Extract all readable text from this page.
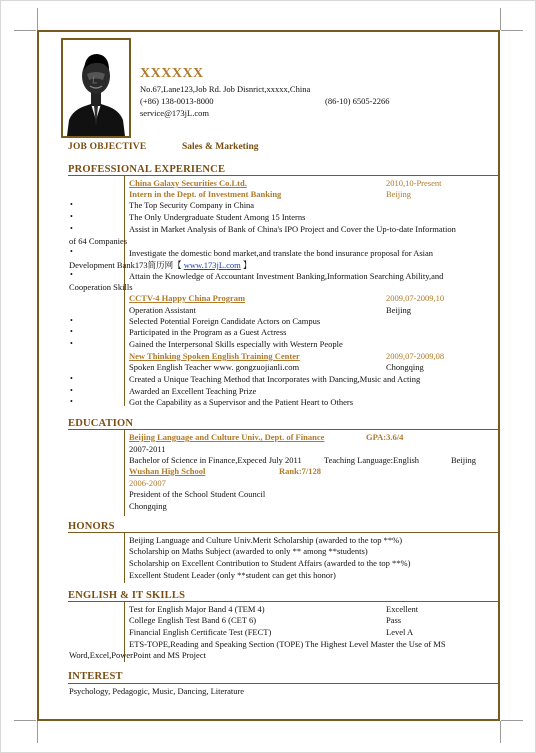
XXXXXX
No.67,Lane123,Job Rd. Job Disnrict,xxxxx,China
(+86) 138-0013-8000	(86-10) 6505-2266
service@173jL.com
JOB OBJECTIVE	Sales & Marketing
PROFESSIONAL EXPERIENCE
China Galaxy Securities Co.Ltd.	2010,10-Present
Intern in the Dept. of Investment Banking	Beijing
•	The Top Security Company in China
•	The Only Undergraduate Student Among 15 Interns
•	Assist in Market Analysis of Bank of China's IPO Project and Cover the Up-to-date Information
of 64 Companies
•	Investigate the domestic bond market,and translate the bond insurance proposal for Asian
Development Bank173简历网【 www.173jL.com 】
•	Attain the Knowledge of Accountant Investment Banking,Information Searching Ability,and
Cooperation Skills
CCTV-4 Happy China Program	2009,07-2009,10
Operation Assistant	Beijing
•	Selected Potential Foreign Candidate Actors on Campus
•	Participated in the Program as a Guest Actress
•	Gained the Interpersonal Skills especially with Western People
New Thinking Spoken English Training Center	2009,07-2009,08
Spoken English Teacher www. gongzuojianli.com	Chongqing
•	Created a Unique Teaching Method that Incorporates with Dancing,Music and Acting
•	Awarded an Excellent Teaching Prize
•	Got the Capability as a Supervisor and the Patient Heart to Others
EDUCATION
Beijing Language and Culture Univ., Dept. of Finance	GPA:3.6/4
2007-2011
Bachelor of Science in Finance,Expeced July 2011	Teaching Language:English	Beijing
Wushan High School	Rank:7/128
2006-2007
President of the School Student Council
Chongqing
HONORS
Beijing Language and Culture Univ.Merit Scholarship (awarded to the top **%)
Scholarship on Maths Subject (awarded to only ** among **students)
Scholarship on Excellent Contribution to Student Affairs (awarded to the top **%)
Excellent Student Leader (only **student can get this honor)
ENGLISH & IT SKILLS
Test for English Major Band 4 (TEM 4)	Excellent
College English Test Band 6 (CET 6)	Pass
Financial English Certificate Test (FECT)	Level A
ETS-TOPE,Reading and Speaking Section (TOPE) The Highest Level Master the Use of MS
Word,Excel,PowerPoint and MS Project
INTEREST
Psychology, Pedagogic, Music, Dancing, Literature
